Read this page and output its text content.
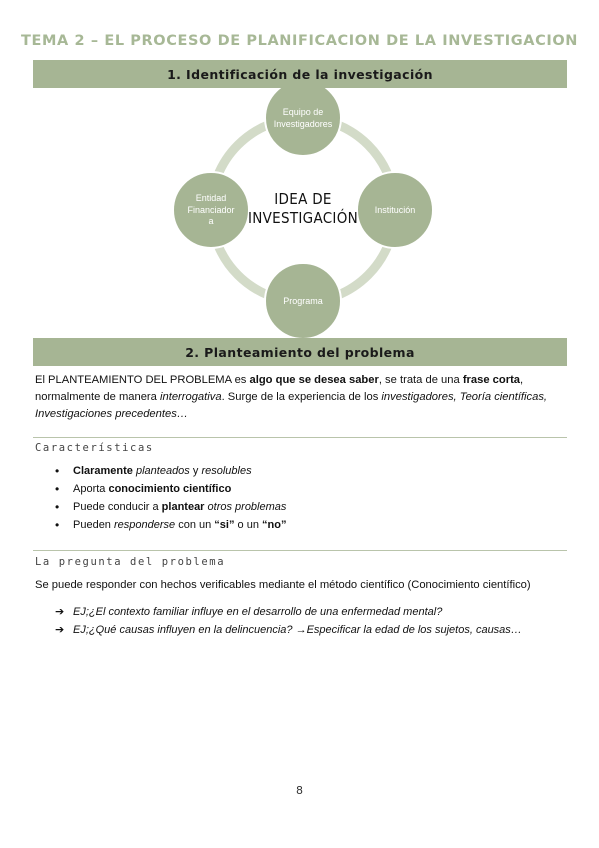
TEMA 2 – EL PROCESO DE PLANIFICACION DE LA INVESTIGACION
1. Identificación de la investigación
Equipo de
Investigadores
Institución
Programa
Entidad
Financiador
a
IDEA DE
INVESTIGACIÓN
2. Planteamiento del problema
El PLANTEAMIENTO DEL PROBLEMA es algo que se desea saber, se trata de una frase corta, normalmente de manera interrogativa. Surge de la experiencia de los investigadores, Teoría científicas, Investigaciones precedentes…
Características
• Claramente planteados y resolubles
• Aporta conocimiento científico
• Puede conducir a plantear otros problemas
• Pueden responderse con un “si” o un “no”
La pregunta del problema
Se puede responder con hechos verificables mediante el método científico (Conocimiento científico)
➔ EJ;¿El contexto familiar influye en el desarrollo de una enfermedad mental?
➔ EJ;¿Qué causas influyen en la delincuencia? →Especificar la edad de los sujetos, causas…
8
